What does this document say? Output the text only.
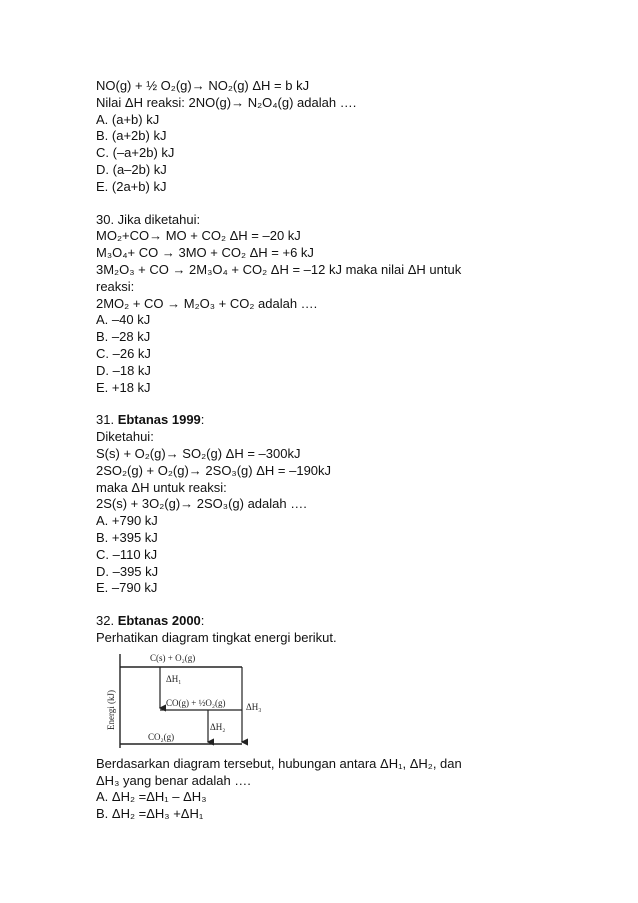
NO(g) + ½ O₂(g)→ NO₂(g) ΔH = b kJ
Nilai ΔH reaksi: 2NO(g)→ N₂O₄(g) adalah ….
A. (a+b) kJ
B. (a+2b) kJ
C. (–a+2b) kJ
D. (a–2b) kJ
E. (2a+b) kJ
30. Jika diketahui:
MO₂+CO→ MO + CO₂ ΔH = –20 kJ
M₃O₄+ CO → 3MO + CO₂ ΔH = +6 kJ
3M₂O₃ + CO → 2M₃O₄ + CO₂ ΔH = –12 kJ maka nilai ΔH untuk
reaksi:
2MO₂ + CO → M₂O₃ + CO₂ adalah ….
A. –40 kJ
B. –28 kJ
C. –26 kJ
D. –18 kJ
E. +18 kJ
31. Ebtanas 1999:
Diketahui:
S(s) + O₂(g)→ SO₂(g) ΔH = –300kJ
2SO₂(g) + O₂(g)→ 2SO₃(g) ΔH = –190kJ
maka ΔH untuk reaksi:
2S(s) + 3O₂(g)→ 2SO₃(g) adalah ….
A. +790 kJ
B. +395 kJ
C. –110 kJ
D. –395 kJ
E. –790 kJ
32. Ebtanas 2000:
Perhatikan diagram tingkat energi berikut.
Energi (kJ)
C(s) + O₂(g)
CO(g) + ½O₂(g)
CO₂(g)
ΔH₁
ΔH₂
ΔH₃
Berdasarkan diagram tersebut, hubungan antara ΔH₁, ΔH₂, dan
ΔH₃ yang benar adalah ….
A. ΔH₂ =ΔH₁ – ΔH₃
B. ΔH₂ =ΔH₃ +ΔH₁
